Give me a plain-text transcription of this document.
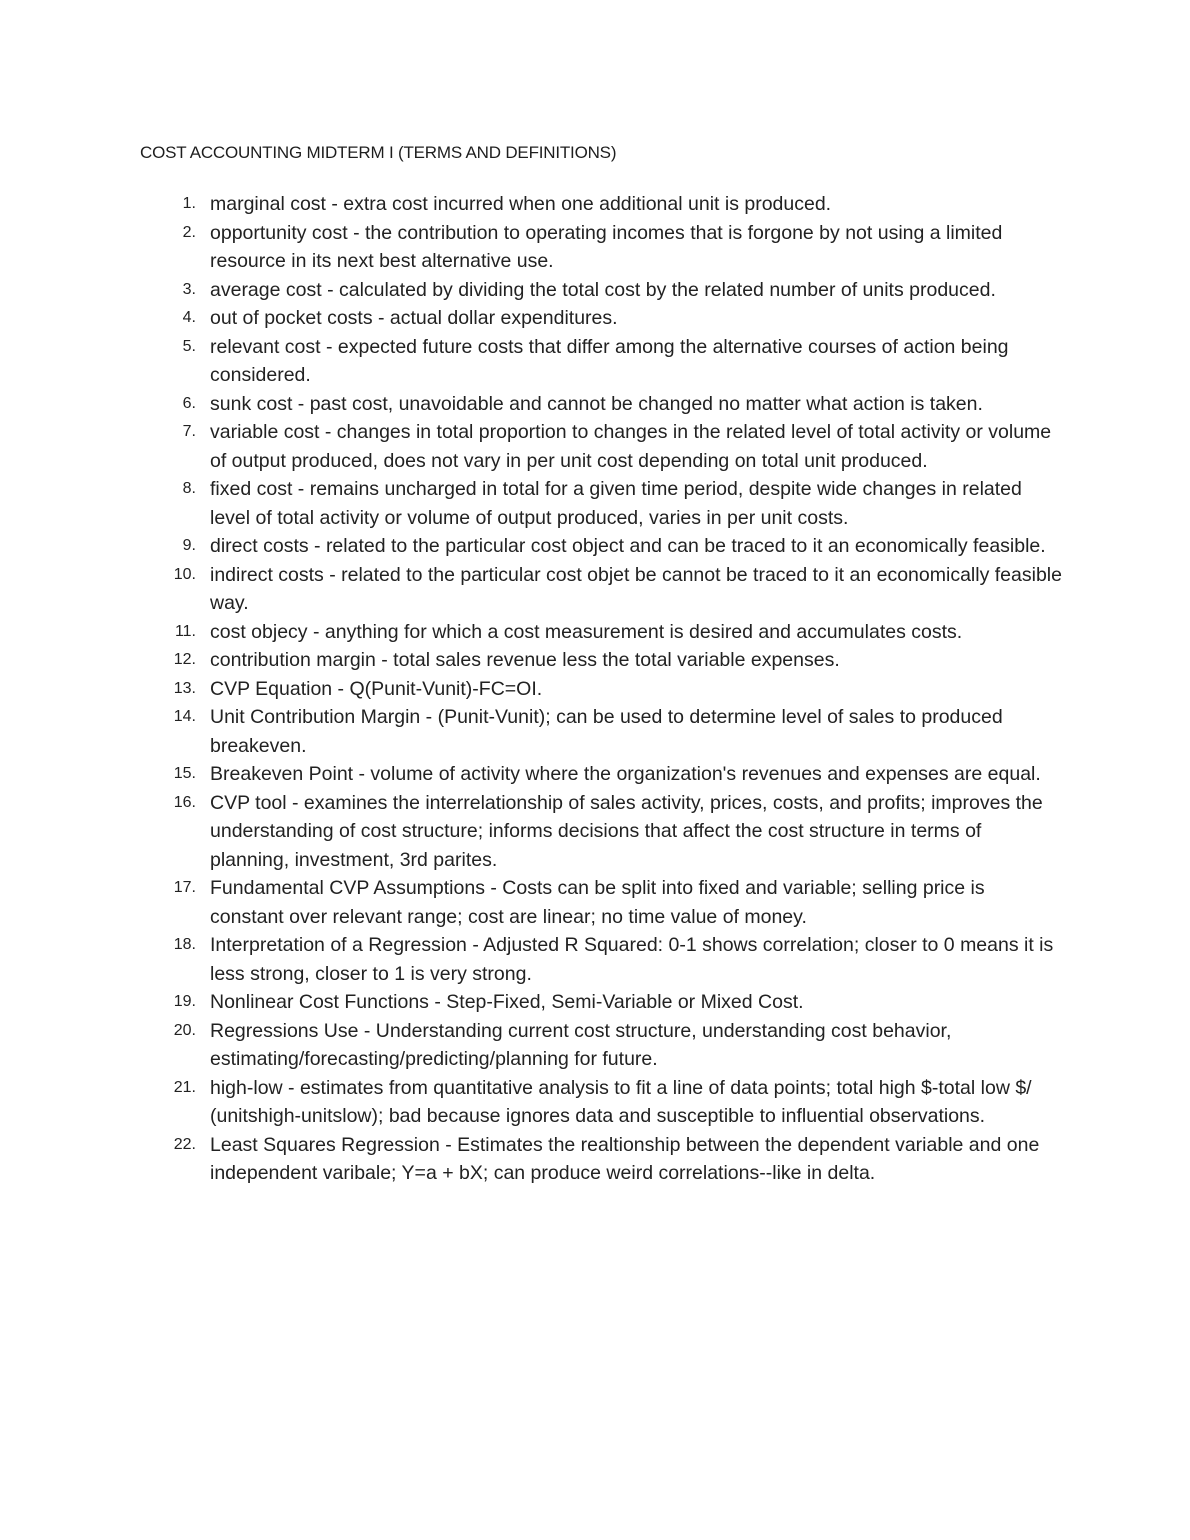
COST ACCOUNTING MIDTERM I (TERMS AND DEFINITIONS)
1. marginal cost - extra cost incurred when one additional unit is produced.
2. opportunity cost - the contribution to operating incomes that is forgone by not using a limited resource in its next best alternative use.
3. average cost - calculated by dividing the total cost by the related number of units produced.
4. out of pocket costs - actual dollar expenditures.
5. relevant cost - expected future costs that differ among the alternative courses of action being considered.
6. sunk cost - past cost, unavoidable and cannot be changed no matter what action is taken.
7. variable cost - changes in total proportion to changes in the related level of total activity or volume of output produced, does not vary in per unit cost depending on total unit produced.
8. fixed cost - remains uncharged in total for a given time period, despite wide changes in related level of total activity or volume of output produced, varies in per unit costs.
9. direct costs - related to the particular cost object and can be traced to it an economically feasible.
10. indirect costs - related to the particular cost objet be cannot be traced to it an economically feasible way.
11. cost objecy - anything for which a cost measurement is desired and accumulates costs.
12. contribution margin - total sales revenue less the total variable expenses.
13. CVP Equation - Q(Punit-Vunit)-FC=OI.
14. Unit Contribution Margin - (Punit-Vunit); can be used to determine level of sales to produced breakeven.
15. Breakeven Point - volume of activity where the organization's revenues and expenses are equal.
16. CVP tool - examines the interrelationship of sales activity, prices, costs, and profits; improves the understanding of cost structure; informs decisions that affect the cost structure in terms of planning, investment, 3rd parites.
17. Fundamental CVP Assumptions - Costs can be split into fixed and variable; selling price is constant over relevant range; cost are linear; no time value of money.
18. Interpretation of a Regression - Adjusted R Squared: 0-1 shows correlation; closer to 0 means it is less strong, closer to 1 is very strong.
19. Nonlinear Cost Functions - Step-Fixed, Semi-Variable or Mixed Cost.
20. Regressions Use - Understanding current cost structure, understanding cost behavior, estimating/forecasting/predicting/planning for future.
21. high-low - estimates from quantitative analysis to fit a line of data points; total high $-total low $/ (unitshigh-unitslow); bad because ignores data and susceptible to influential observations.
22. Least Squares Regression - Estimates the realtionship between the dependent variable and one independent varibale; Y=a + bX; can produce weird correlations--like in delta.
